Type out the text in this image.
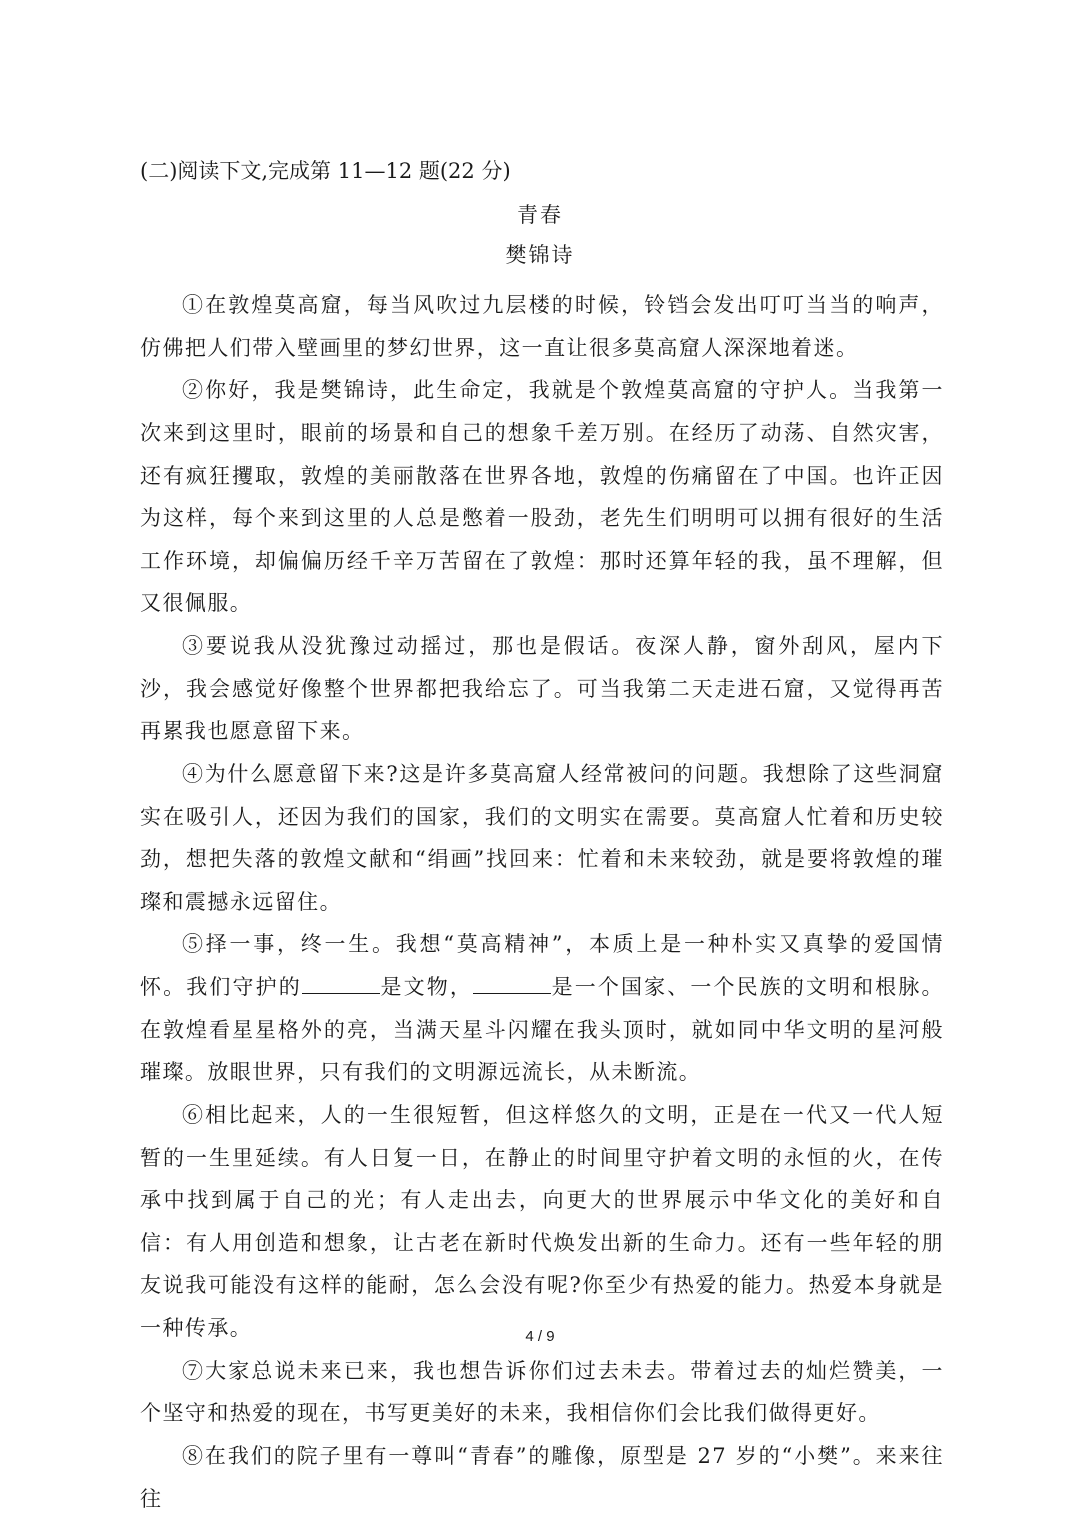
(二)阅读下文,完成第 11—12 题(22 分)
青春
樊锦诗

①在敦煌莫高窟，每当风吹过九层楼的时候，铃铛会发出叮叮当当的响声，仿佛把人们带入壁画里的梦幻世界，这一直让很多莫高窟人深深地着迷。

②你好，我是樊锦诗，此生命定，我就是个敦煌莫高窟的守护人。当我第一次来到这里时，眼前的场景和自己的想象千差万别。在经历了动荡、自然灾害，还有疯狂攫取，敦煌的美丽散落在世界各地，敦煌的伤痛留在了中国。也许正因为这样，每个来到这里的人总是憋着一股劲，老先生们明明可以拥有很好的生活工作环境，却偏偏历经千辛万苦留在了敦煌：那时还算年轻的我，虽不理解，但又很佩服。

③要说我从没犹豫过动摇过，那也是假话。夜深人静，窗外刮风，屋内下沙，我会感觉好像整个世界都把我给忘了。可当我第二天走进石窟，又觉得再苦再累我也愿意留下来。

④为什么愿意留下来?这是许多莫高窟人经常被问的问题。我想除了这些洞窟实在吸引人，还因为我们的国家，我们的文明实在需要。莫高窟人忙着和历史较劲，想把失落的敦煌文献和“绢画”找回来：忙着和未来较劲，就是要将敦煌的璀璨和震撼永远留住。

⑤择一事，终一生。我想“莫高精神”，本质上是一种朴实又真挚的爱国情怀。我们守护的	是文物，	是一个国家、一个民族的文明和根脉。在敦煌看星星格外的亮，当满天星斗闪耀在我头顶时，就如同中华文明的星河般璀璨。放眼世界，只有我们的文明源远流长，从未断流。

⑥相比起来，人的一生很短暂，但这样悠久的文明，正是在一代又一代人短暂的一生里延续。有人日复一日，在静止的时间里守护着文明的永恒的火，在传承中找到属于自己的光；有人走出去，向更大的世界展示中华文化的美好和自信：有人用创造和想象，让古老在新时代焕发出新的生命力。还有一些年轻的朋友说我可能没有这样的能耐，怎么会没有呢?你至少有热爱的能力。热爱本身就是一种传承。

⑦大家总说未来已来，我也想告诉你们过去未去。带着过去的灿烂赞美，一个坚守和热爱的现在，书写更美好的未来，我相信你们会比我们做得更好。

⑧在我们的院子里有一尊叫“青春”的雕像，原型是 27 岁的“小樊”。来来往往

4 / 9
